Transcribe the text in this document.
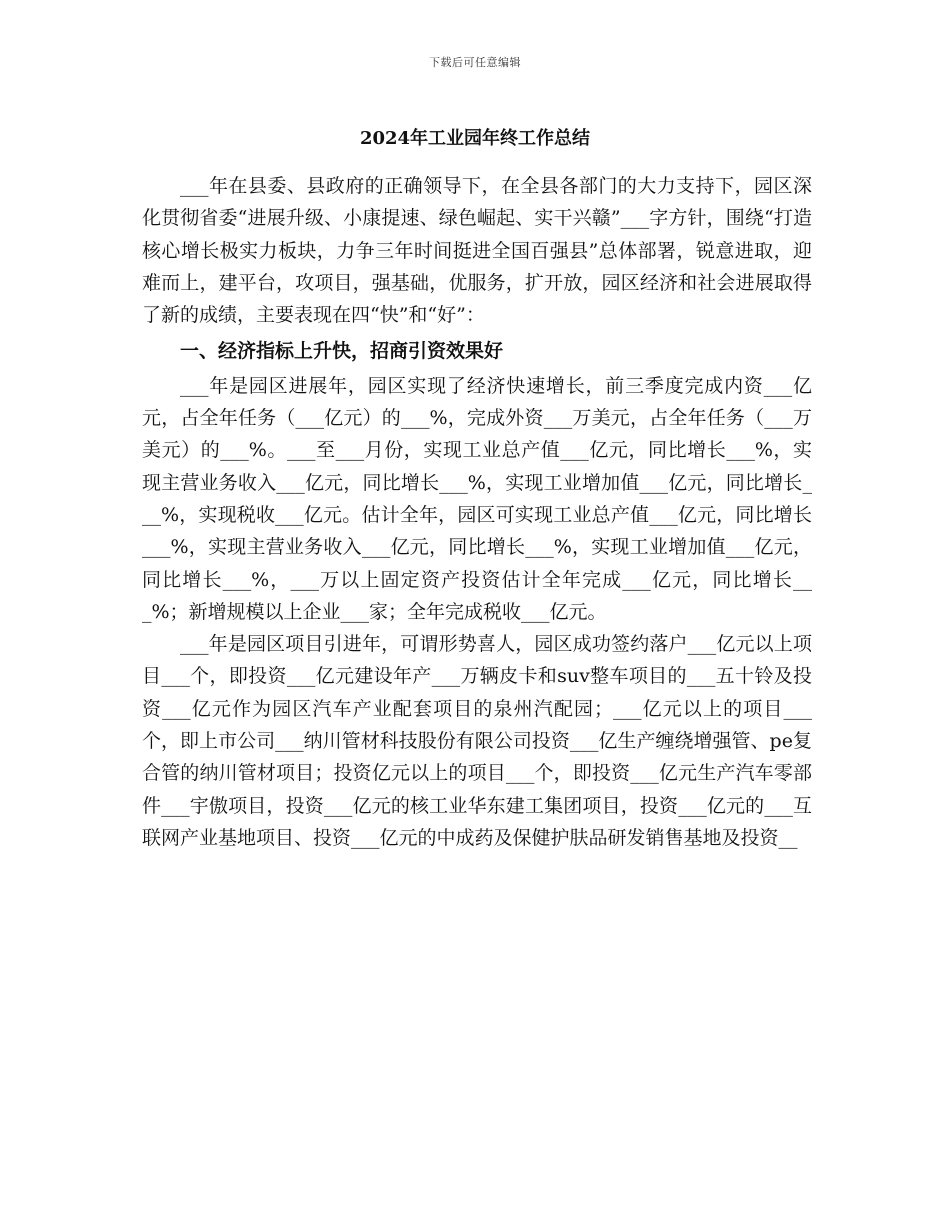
下载后可任意编辑
2024年工业园年终工作总结

___年在县委、县政府的正确领导下，在全县各部门的大力支持下，园区深化贯彻省委“进展升级、小康提速、绿色崛起、实干兴赣”___字方针，围绕“打造核心增长极实力板块，力争三年时间挺进全国百强县”总体部署，锐意进取，迎难而上，建平台，攻项目，强基础，优服务，扩开放，园区经济和社会进展取得了新的成绩，主要表现在四“快”和“好”：

一、经济指标上升快，招商引资效果好

___年是园区进展年，园区实现了经济快速增长，前三季度完成内资___亿元，占全年任务（___亿元）的___%，完成外资___万美元，占全年任务（___万美元）的___%。___至___月份，实现工业总产值___亿元，同比增长___%，实现主营业务收入___亿元，同比增长___%，实现工业增加值___亿元，同比增长___%，实现税收___亿元。估计全年，园区可实现工业总产值___亿元，同比增长___%，实现主营业务收入___亿元，同比增长___%，实现工业增加值___亿元，同比增长___%，___万以上固定资产投资估计全年完成___亿元，同比增长___%；新增规模以上企业___家；全年完成税收___亿元。

___年是园区项目引进年，可谓形势喜人，园区成功签约落户___亿元以上项目___个，即投资___亿元建设年产___万辆皮卡和suv整车项目的___五十铃及投资___亿元作为园区汽车产业配套项目的泉州汽配园；___亿元以上的项目___个，即上市公司___纳川管材科技股份有限公司投资___亿生产缠绕增强管、pe复合管的纳川管材项目；投资亿元以上的项目___个，即投资___亿元生产汽车零部件___宇傲项目，投资___亿元的核工业华东建工集团项目，投资___亿元的___互联网产业基地项目、投资___亿元的中成药及保健护肤品研发销售基地及投资__
